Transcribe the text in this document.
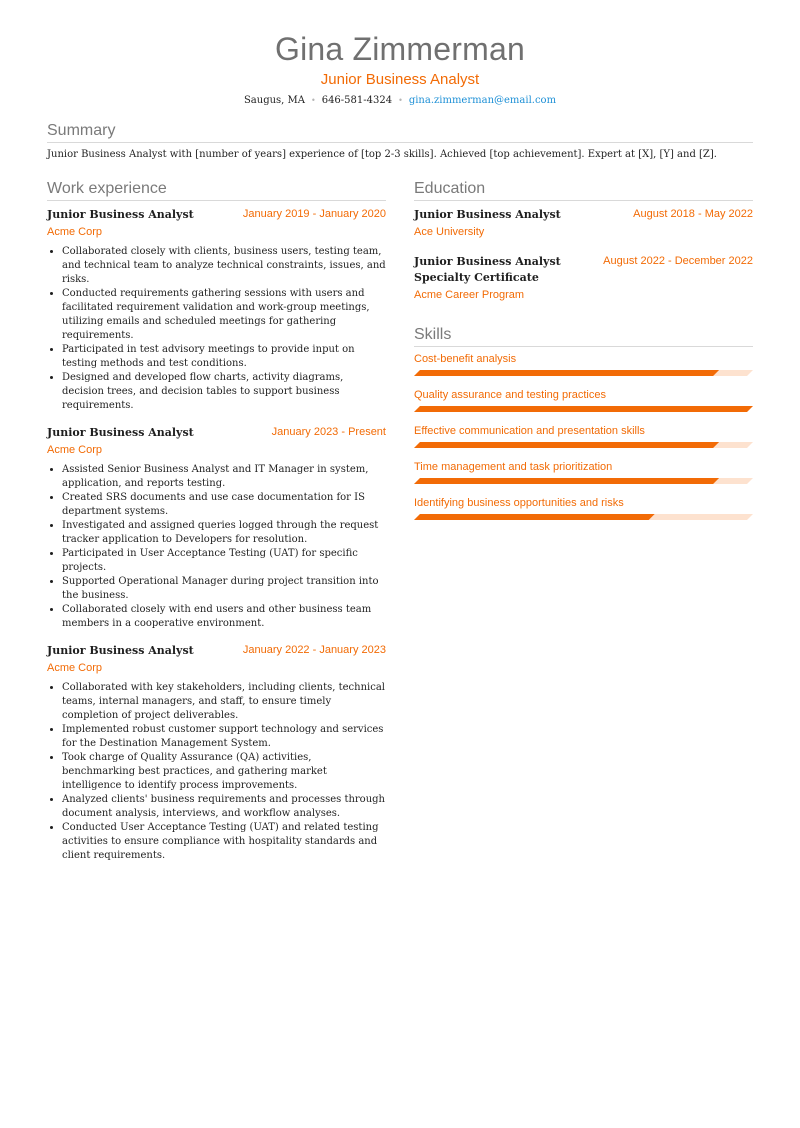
Gina Zimmerman
Junior Business Analyst
Saugus, MA • 646-581-4324 • gina.zimmerman@email.com
Summary

Junior Business Analyst with [number of years] experience of [top 2-3 skills]. Achieved [top achievement]. Expert at [X], [Y] and [Z].

Work experience
Junior Business Analyst	January 2019 - January 2020
Acme Corp
• Collaborated closely with clients, business users, testing team, and technical team to analyze technical constraints, issues, and risks.
• Conducted requirements gathering sessions with users and facilitated requirement validation and work-group meetings, utilizing emails and scheduled meetings for gathering requirements.
• Participated in test advisory meetings to provide input on testing methods and test conditions.
• Designed and developed flow charts, activity diagrams, decision trees, and decision tables to support business requirements.
Junior Business Analyst	January 2023 - Present
Acme Corp
• Assisted Senior Business Analyst and IT Manager in system, application, and reports testing.
• Created SRS documents and use case documentation for IS department systems.
• Investigated and assigned queries logged through the request tracker application to Developers for resolution.
• Participated in User Acceptance Testing (UAT) for specific projects.
• Supported Operational Manager during project transition into the business.
• Collaborated closely with end users and other business team members in a cooperative environment.
Junior Business Analyst	January 2022 - January 2023
Acme Corp
• Collaborated with key stakeholders, including clients, technical teams, internal managers, and staff, to ensure timely completion of project deliverables.
• Implemented robust customer support technology and services for the Destination Management System.
• Took charge of Quality Assurance (QA) activities, benchmarking best practices, and gathering market intelligence to identify process improvements.
• Analyzed clients' business requirements and processes through document analysis, interviews, and workflow analyses.
• Conducted User Acceptance Testing (UAT) and related testing activities to ensure compliance with hospitality standards and client requirements.
Education
Junior Business Analyst	August 2018 - May 2022
Ace University
Junior Business Analyst Specialty Certificate
August 2022 - December 2022
Acme Career Program
Skills
Cost-benefit analysis
Quality assurance and testing practices
Effective communication and presentation skills
Time management and task prioritization
Identifying business opportunities and risks
